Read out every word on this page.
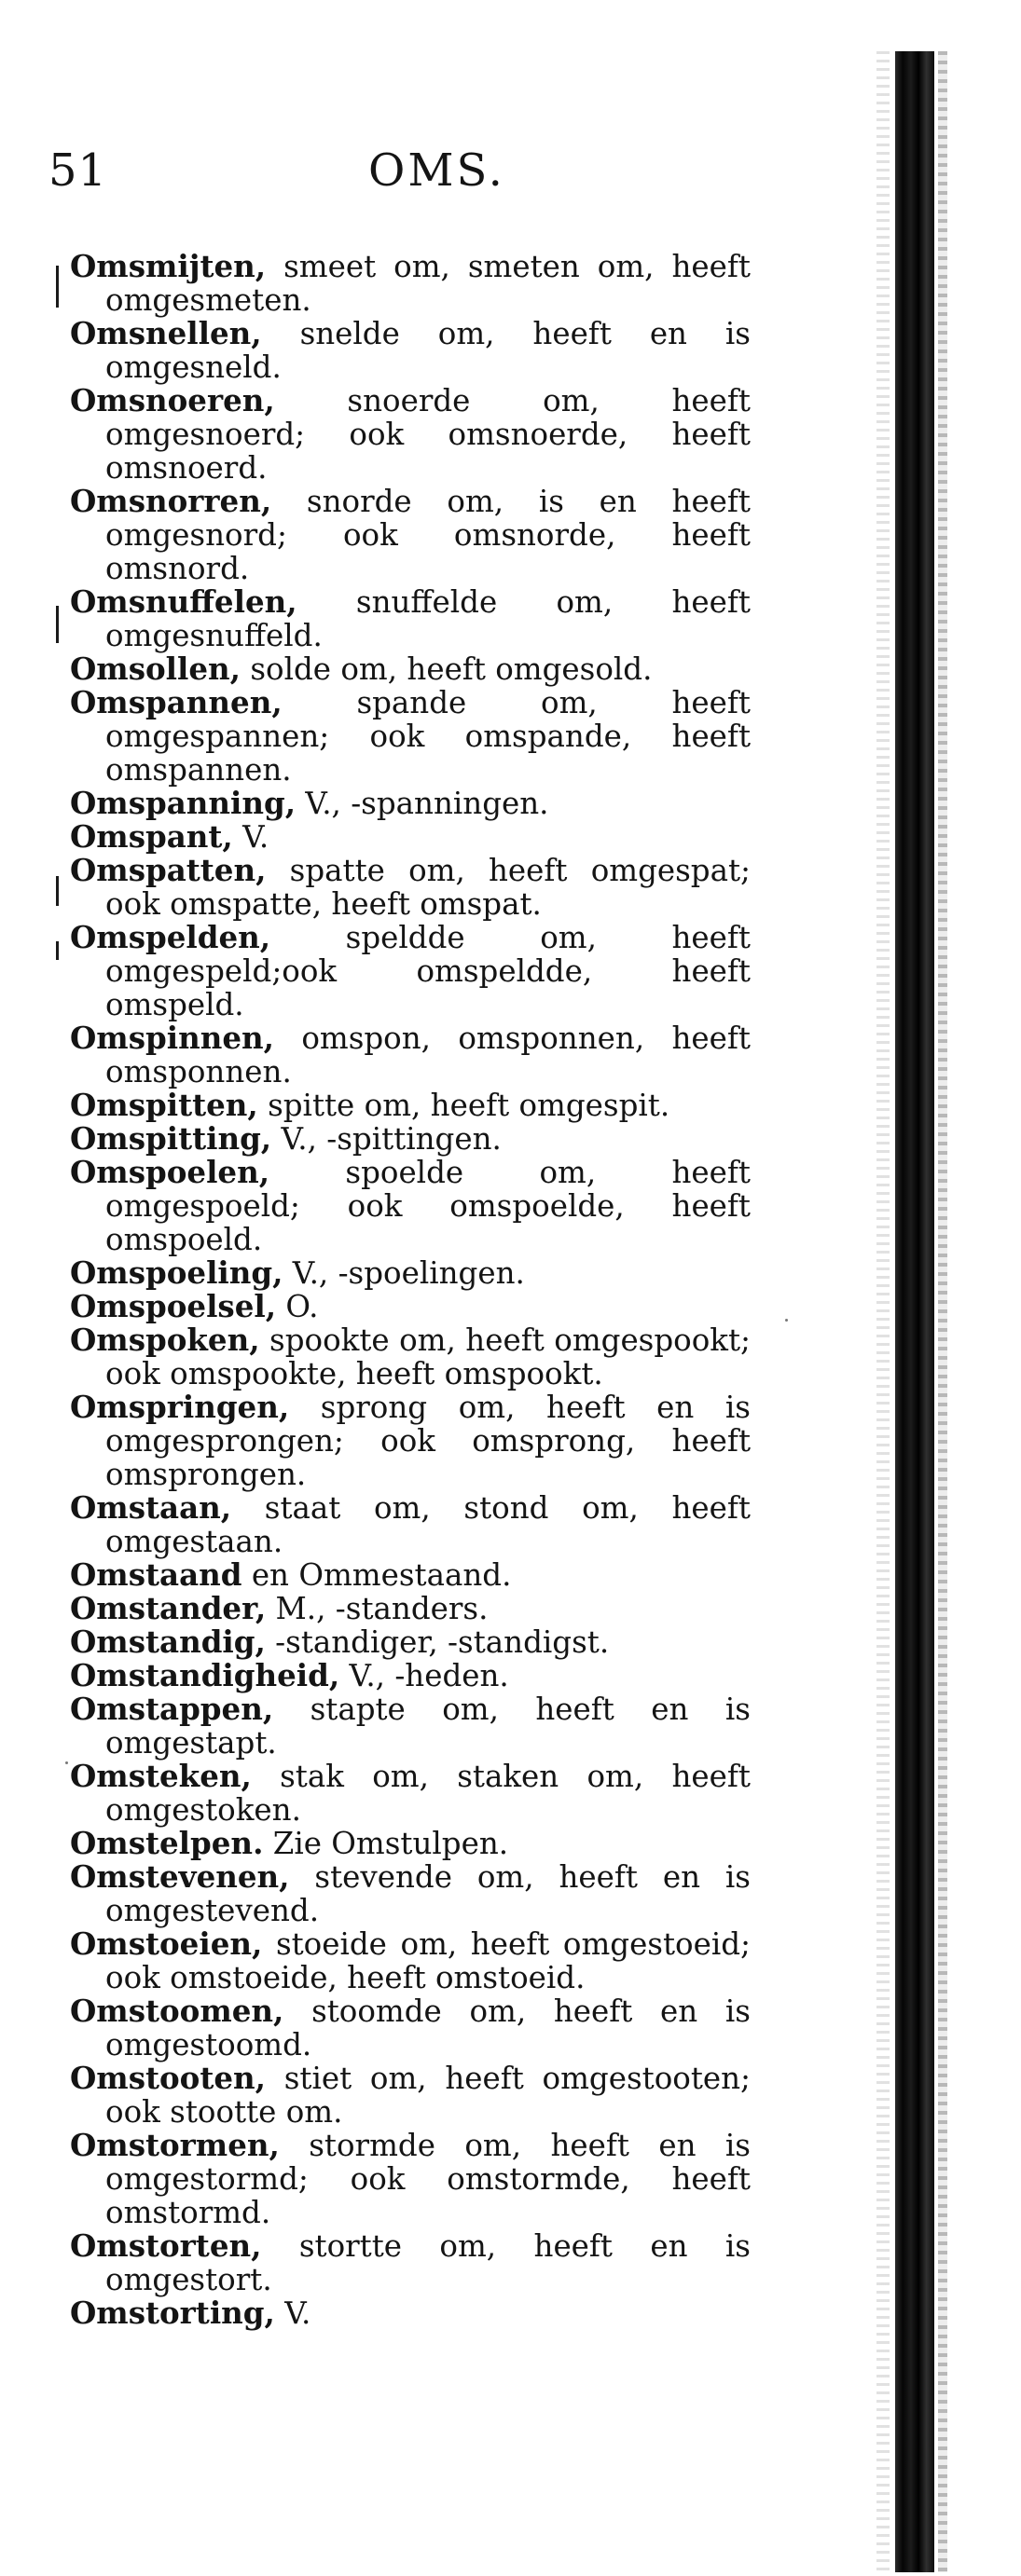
51	OMS.

Omsmijten, smeet om, smeten om, heeft omgesmeten.

Omsnellen, snelde om, heeft en is omgesneld.

Omsnoeren, snoerde om, heeft omgesnoerd; ook omsnoerde, heeft omsnoerd.

Omsnorren, snorde om, is en heeft omgesnord; ook omsnorde, heeft omsnord.

Omsnuffelen, snuffelde om, heeft omgesnuffeld.

Omsollen, solde om, heeft omgesold.

Omspannen, spande om, heeft omgespannen; ook omspande, heeft omspannen.

Omspanning, V., -spanningen.

Omspant, V.

Omspatten, spatte om, heeft omgespat; ook omspatte, heeft omspat.

Omspelden, speldde om, heeft omgespeld;ook omspeldde, heeft omspeld.

Omspinnen, omspon, omsponnen, heeft omsponnen.

Omspitten, spitte om, heeft omgespit.

Omspitting, V., -spittingen.

Omspoelen,	spoelde om, heeft omgespoeld; ook omspoelde, heeft omspoeld.

Omspoeling, V., -spoelingen.

Omspoelsel, O.

Omspoken, spookte om, heeft omgespookt; ook omspookte, heeft omspookt.

Omspringen, sprong om, heeft en is omgesprongen; ook omsprong, heeft omsprongen.

Omstaan, staat om, stond om, heeft omgestaan.

Omstaand en Ommestaand.

Omstander, M., -standers.

Omstandig, -standiger, -standigst.

Omstandigheid, V., -heden.

Omstappen, stapte om, heeft en is omgestapt.

Omsteken, stak om, staken om, heeft omgestoken.

Omstelpen. Zie Omstulpen.

Omstevenen, stevende om, heeft en is omgestevend.

Omstoeien, stoeide om, heeft omgestoeid; ook omstoeide, heeft omstoeid.

Omstoomen, stoomde om, heeft en is omgestoomd.

Omstooten, stiet om, heeft omgestooten; ook stootte om.

Omstormen, stormde om, heeft en is omgestormd; ook omstormde, heeft omstormd.

Omstorten, stortte om, heeft en is omgestort.

Omstorting, V.
